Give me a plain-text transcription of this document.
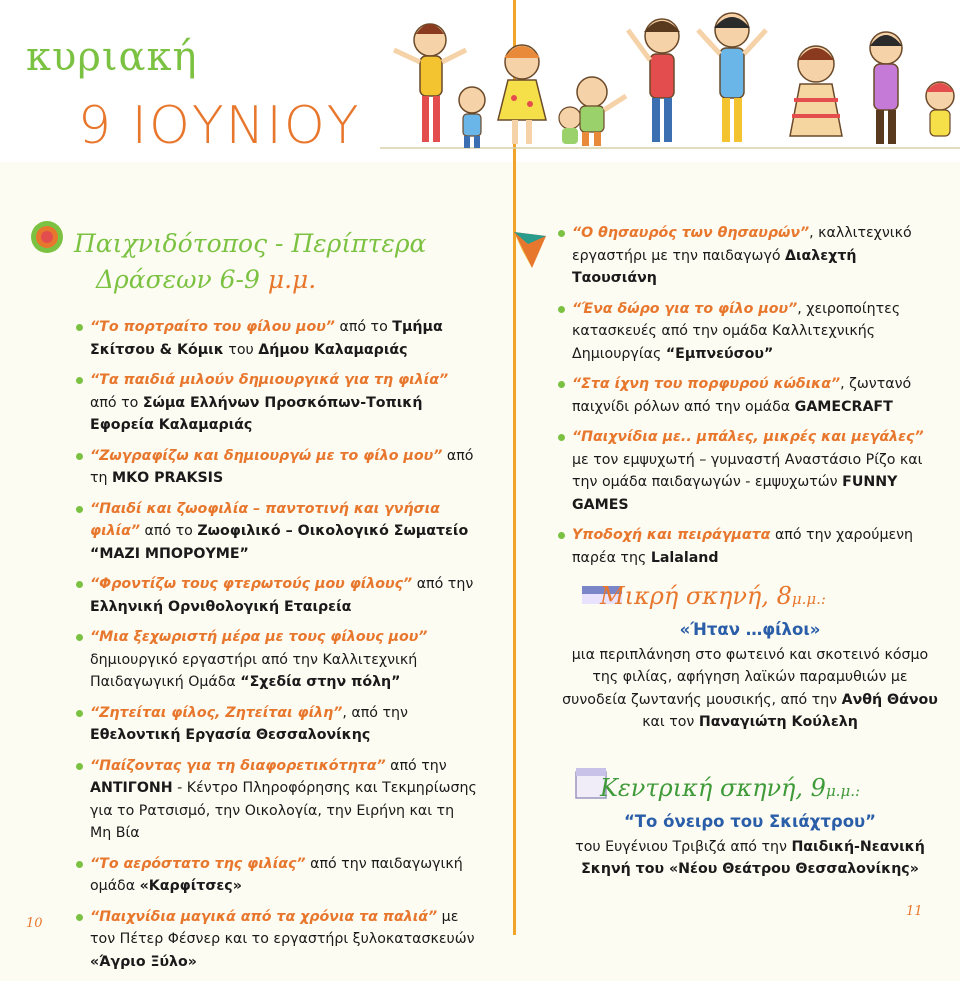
κυριακή
9 ΙΟΥΝΙΟΥ
Παιχνιδότοπος - Περίπτερα
Δράσεων 6-9 μ.μ.
“Το πορτραίτο του φίλου μου” από το Τμήμα Σκίτσου & Κόμικ του Δήμου Καλαμαριάς
“Τα παιδιά μιλούν δημιουργικά για τη φιλία” από το Σώμα Ελλήνων Προσκόπων-Τοπική Εφορεία Καλαμαριάς
“Ζωγραφίζω και δημιουργώ με το φίλο μου” από τη ΜΚΟ PRAKSIS
“Παιδί και ζωοφιλία – παντοτινή και γνήσια φιλία” από το Ζωοφιλικό – Οικολογικό Σωματείο “ΜΑΖΙ ΜΠΟΡΟΥΜΕ”
“Φροντίζω τους φτερωτούς μου φίλους” από την Ελληνική Ορνιθολογική Εταιρεία
“Μια ξεχωριστή μέρα με τους φίλους μου” δημιουργικό εργαστήρι από την Καλλιτεχνική Παιδαγωγική Ομάδα “Σχεδία στην πόλη”
“Ζητείται φίλος, Ζητείται φίλη”, από την Εθελοντική Εργασία Θεσσαλονίκης
“Παίζοντας για τη διαφορετικότητα” από την ΑΝΤΙΓΟΝΗ - Κέντρο Πληροφόρησης και Τεκμηρίωσης για το Ρατσισμό, την Οικολογία, την Ειρήνη και τη Μη Βία
“Το αερόστατο της φιλίας” από την παιδαγωγική ομάδα «Καρφίτσες»
“Παιχνίδια μαγικά από τα χρόνια τα παλιά” με τον Πέτερ Φέσνερ και το εργαστήρι ξυλοκατασκευών «Άγριο Ξύλο»
“Ο θησαυρός των θησαυρών”, καλλιτεχνικό εργαστήρι με την παιδαγωγό Διαλεχτή Ταουσιάνη
“Ένα δώρο για το φίλο μου”, χειροποίητες κατασκευές από την ομάδα Καλλιτεχνικής Δημιουργίας “Εμπνεύσου”
“Στα ίχνη του πορφυρού κώδικα”, ζωντανό παιχνίδι ρόλων από την ομάδα GAMECRAFT
“Παιχνίδια με.. μπάλες, μικρές και μεγάλες” με τον εμψυχωτή – γυμναστή Αναστάσιο Ρίζο και την ομάδα παιδαγωγών - εμψυχωτών FUNNY GAMES
Υποδοχή και πειράγματα από την χαρούμενη παρέα της Lalaland
Μικρή σκηνή, 8μ.μ.:
«Ήταν …φίλοι»
μια περιπλάνηση στο φωτεινό και σκοτεινό κόσμο της φιλίας, αφήγηση λαϊκών παραμυθιών με συνοδεία ζωντανής μουσικής, από την Ανθή Θάνου και τον Παναγιώτη Κούλελη
Κεντρική σκηνή, 9μ.μ.:
“Το όνειρο του Σκιάχτρου”
του Ευγένιου Τριβιζά από την Παιδική-Νεανική Σκηνή του «Νέου Θεάτρου Θεσσαλονίκης»
10
11
